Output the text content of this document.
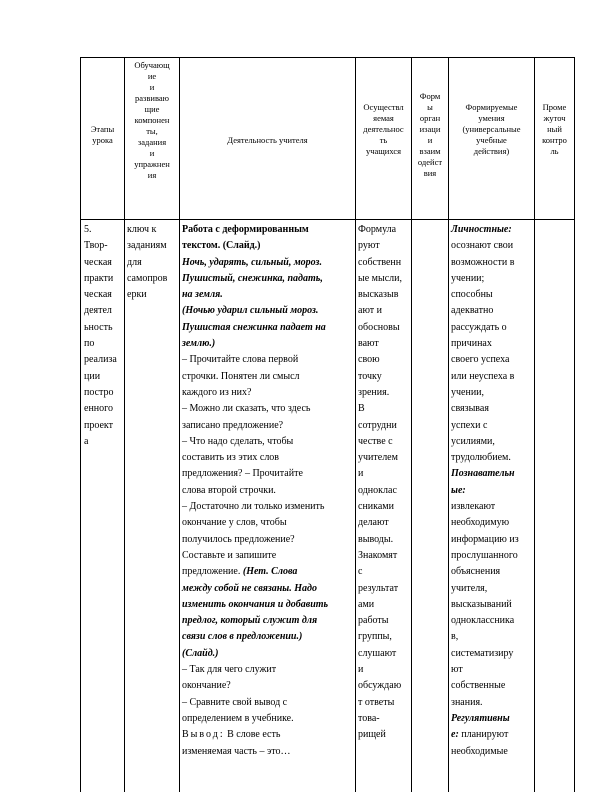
Этапы
урока
Обучающ
ие
и
развиваю
щие
компонен
ты,
задания
и
упражнен
ия
Деятельность учителя
Осуществл
яемая
деятельнос
ть
учащихся
Форм
ы
орган
изаци
и
взаим
одейст
вия
Формируемые
умения
(универсальные
учебные
действия)
Проме
жуточ
ный
контро
ль
5.
Твор-
ческая
практи
ческая
деятел
ьность
по
реализа
ции
постро
енного
проект
а
ключ к
заданиям
для
самопров
ерки
Работа с деформированным
текстом. (Слайд.)
Ночь, ударять, сильный, мороз.
Пушистый, снежинка, падать,
на земля.
(Ночью ударил сильный мороз.
Пушистая снежинка падает на
землю.)
– Прочитайте слова первой
строчки. Понятен ли смысл
каждого из них?
– Можно ли сказать, что здесь
записано предложение?
– Что надо сделать, чтобы
составить из этих слов
предложения? – Прочитайте
слова второй строчки.
– Достаточно ли только изменить
окончание у слов, чтобы
получилось предложение?
Составьте и запишите
предложение. (Нет. Слова
между собой не связаны. Надо
изменить окончания и добавить
предлог, который служит для
связи слов в предложении.)
(Слайд.)
– Так для чего служит
окончание?
– Сравните свой вывод с
определением в учебнике.
Вывод: В слове есть
изменяемая часть – это…
Формула
руют
собственн
ые мысли,
высказыв
ают и
обосновы
вают
свою
точку
зрения.
В
сотрудни
честве с
учителем
и
одноклас
сниками
делают
выводы.
Знакомят
с
результат
ами
работы
группы,
слушают
и
обсуждаю
т ответы
това-
рищей
Личностные:
осознают свои
возможности в
учении;
способны
адекватно
рассуждать о
причинах
своего успеха
или неуспеха в
учении,
связывая
успехи с
усилиями,
трудолюбием.
Познавательн
ые:
извлекают
необходимую
информацию из
прослушанного
объяснения
учителя,
высказываний
одноклассника
в,
систематизиру
ют
собственные
знания.
Регулятивны
е: планируют
необходимые
